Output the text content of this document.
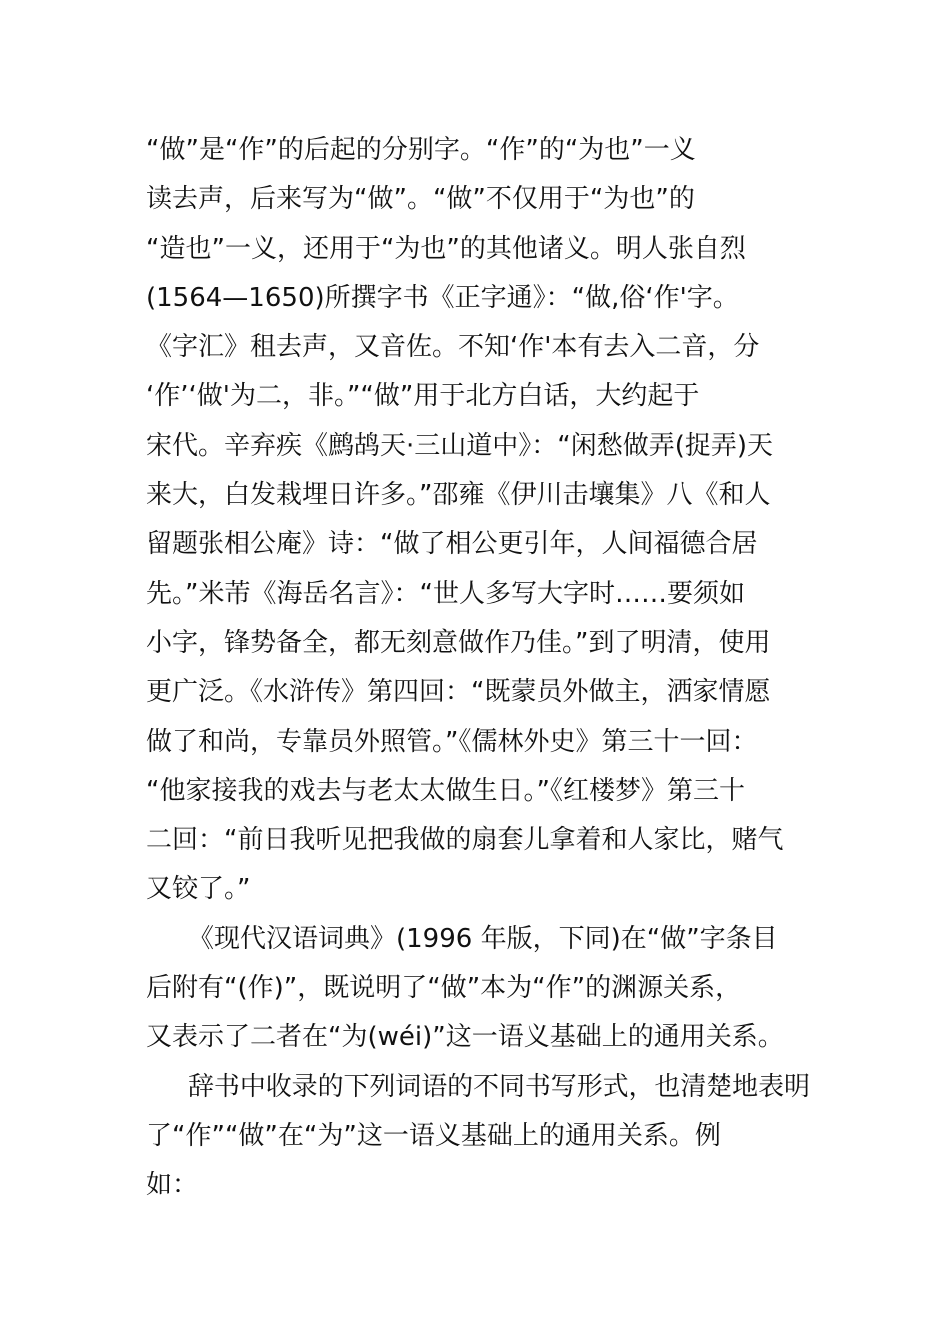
“做”是“作”的后起的分别字。“作”的“为也”一义
读去声，后来写为“做”。“做”不仅用于“为也”的
“造也”一义，还用于“为也”的其他诸义。明人张自烈
(1564—1650)所撰字书《正字通》：“做,俗‘作'字。
《字汇》租去声，又音佐。不知‘作'本有去入二音，分
‘作’‘做'为二，非。”“做”用于北方白话，大约起于
宋代。辛弃疾《鹧鸪天·三山道中》：“闲愁做弄(捉弄)天
来大，白发栽埋日许多。”邵雍《伊川击壤集》八《和人
留题张相公庵》诗：“做了相公更引年，人间福德合居
先。”米芾《海岳名言》：“世人多写大字时……要须如
小字，锋势备全，都无刻意做作乃佳。”到了明清，使用
更广泛。《水浒传》第四回：“既蒙员外做主，洒家情愿
做了和尚，专靠员外照管。”《儒林外史》第三十一回：
“他家接我的戏去与老太太做生日。”《红楼梦》第三十
二回：“前日我听见把我做的扇套儿拿着和人家比，赌气
又铰了。”
《现代汉语词典》(1996 年版，下同)在“做”字条目
后附有“(作)”，既说明了“做”本为“作”的渊源关系，
又表示了二者在“为(wéi)”这一语义基础上的通用关系。
辞书中收录的下列词语的不同书写形式，也清楚地表明
了“作”“做”在“为”这一语义基础上的通用关系。例
如：
